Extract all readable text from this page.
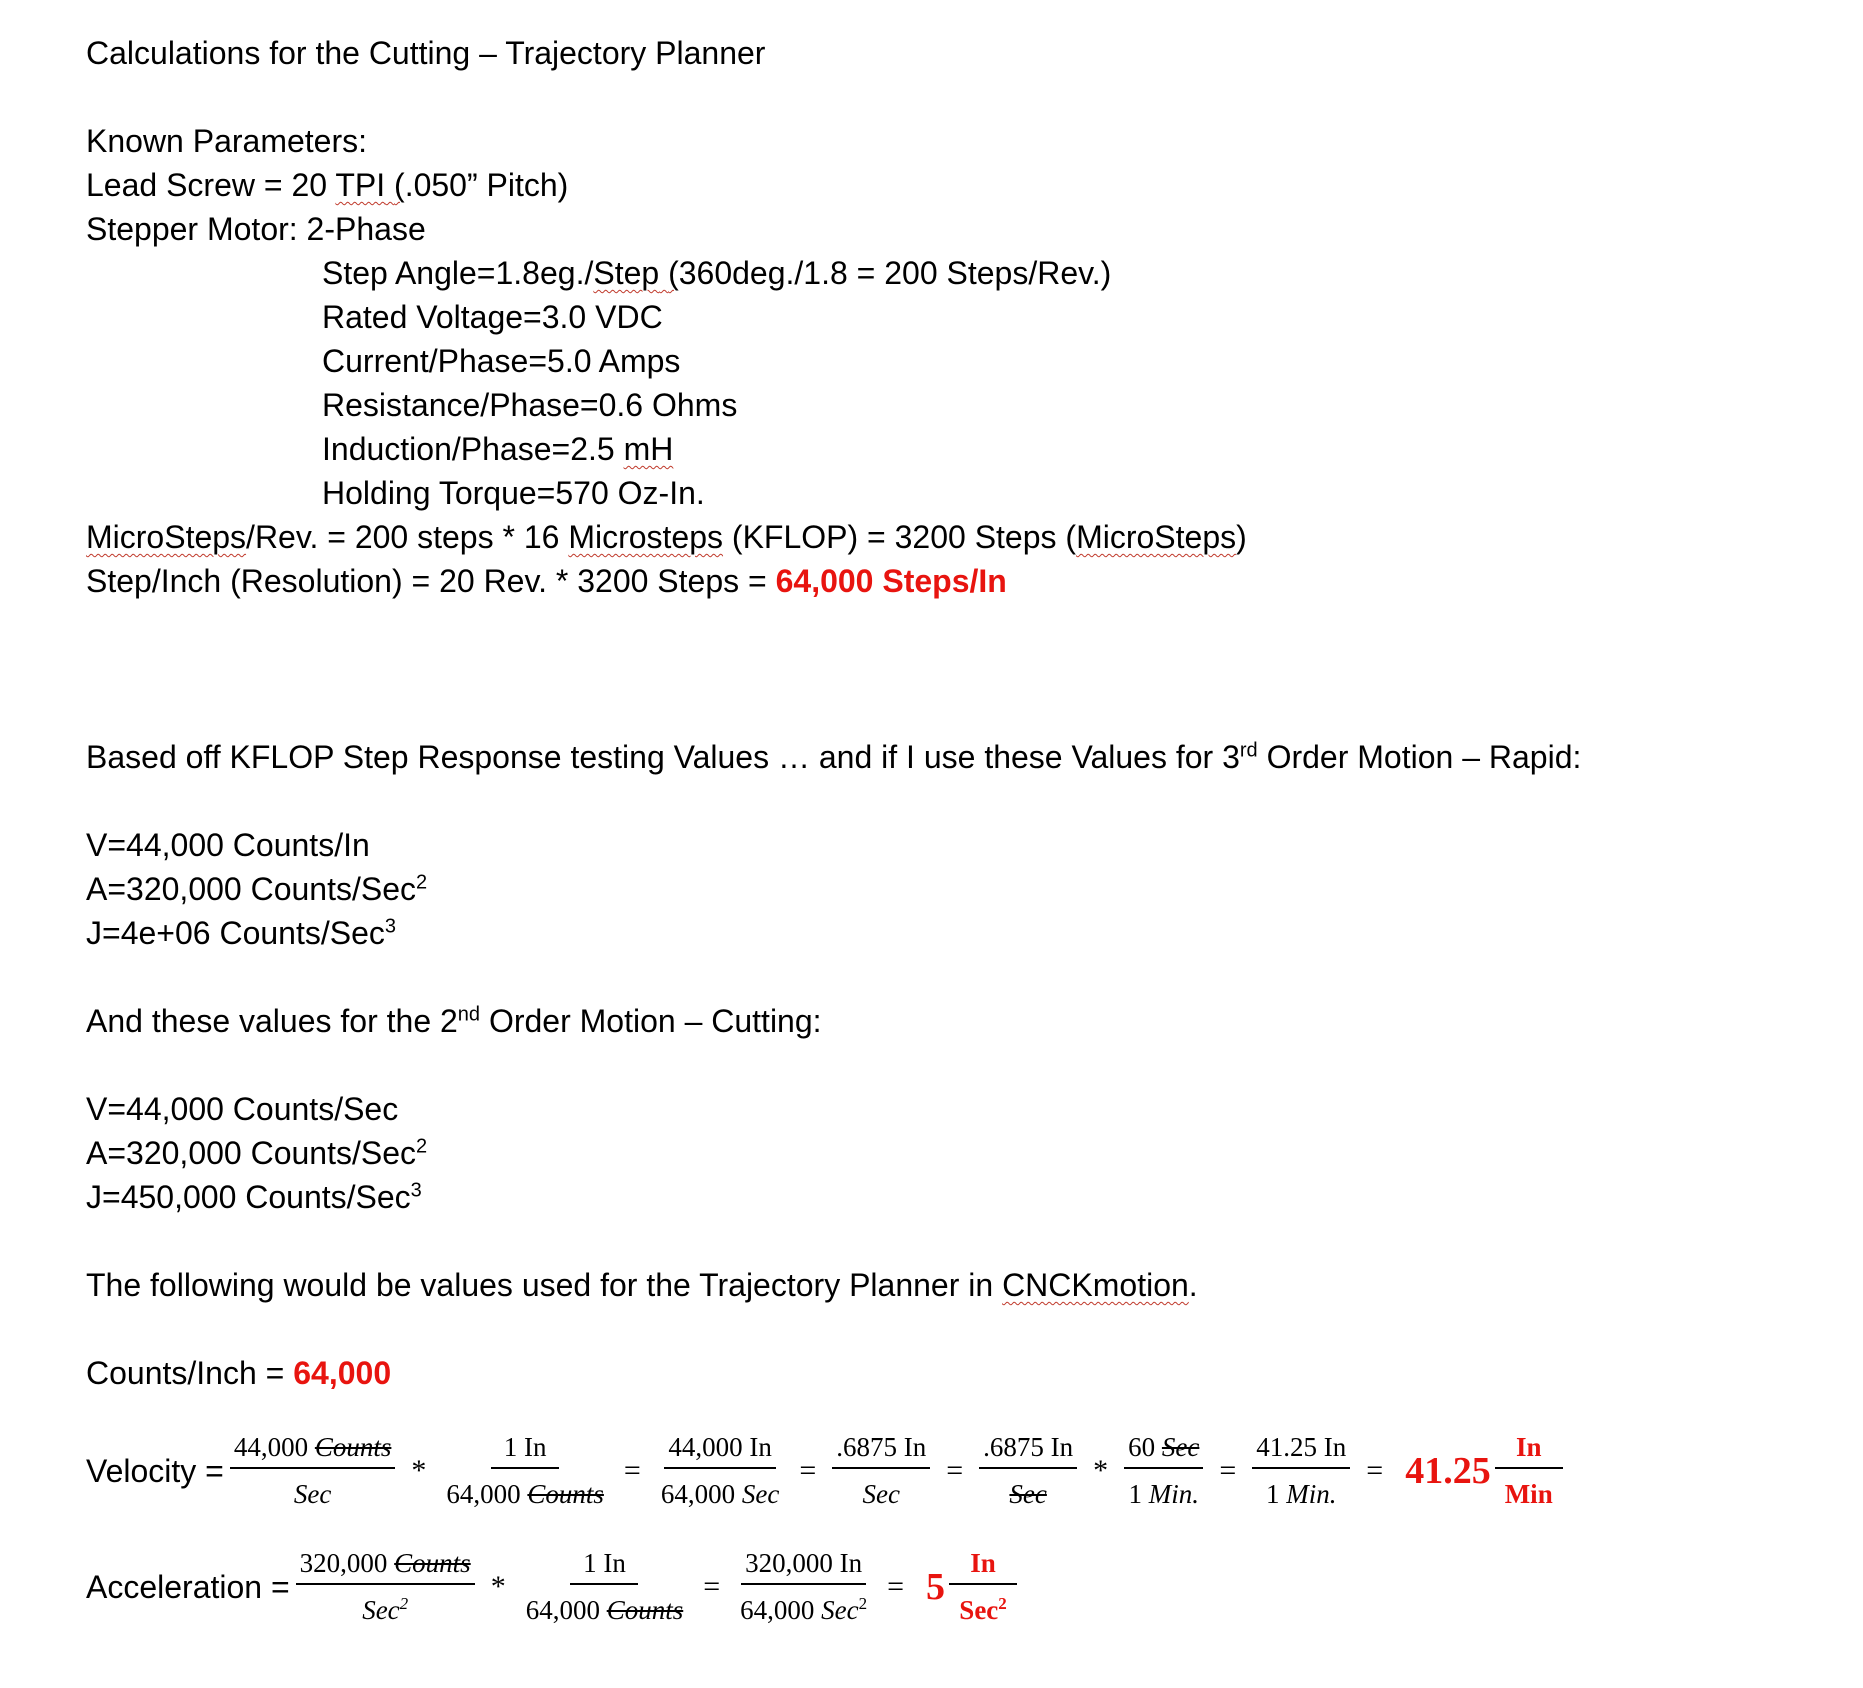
Calculations for the Cutting – Trajectory Planner
Known Parameters:
Lead Screw = 20 TPI (.050” Pitch)
Stepper Motor: 2-Phase
Step Angle=1.8eg./Step (360deg./1.8 = 200 Steps/Rev.)
Rated Voltage=3.0 VDC
Current/Phase=5.0 Amps
Resistance/Phase=0.6 Ohms
Induction/Phase=2.5 mH
Holding Torque=570 Oz-In.
MicroSteps/Rev. = 200 steps * 16 Microsteps (KFLOP) = 3200 Steps (MicroSteps)
Step/Inch (Resolution) = 20 Rev. * 3200 Steps = 64,000 Steps/In
Based off KFLOP Step Response testing Values … and if I use these Values for 3rd Order Motion – Rapid:
V=44,000 Counts/In
A=320,000 Counts/Sec$^2$
J=4e+06 Counts/Sec$^3$
And these values for the 2nd Order Motion – Cutting:
V=44,000 Counts/Sec
A=320,000 Counts/Sec$^2$
J=450,000 Counts/Sec$^3$
The following would be values used for the Trajectory Planner in CNCKmotion.
Counts/Inch = 64,000
Velocity = $\frac{\text{44,000 Counts}}{\text{Sec}} * \frac{1 In}{\text{64,000 Counts}} = \frac{44,000 In}{\text{64,000 Sec}} = \frac{.6875 In}{\text{Sec}} = \frac{.6875 In}{\text{Sec}} * \frac{\text{60 Sec}}{\text{1 Min.}} = \frac{41.25 In}{\text{1 Min.}} = 41.25 \frac{In}{\text{Min}}$
Acceleration = $\frac{\text{320,000 Counts}}{Sec^2} * \frac{1 In}{\text{64,000 Counts}} = \frac{320,000 In}{64,000 Sec^2} = 5 \frac{In}{Sec^2}$
